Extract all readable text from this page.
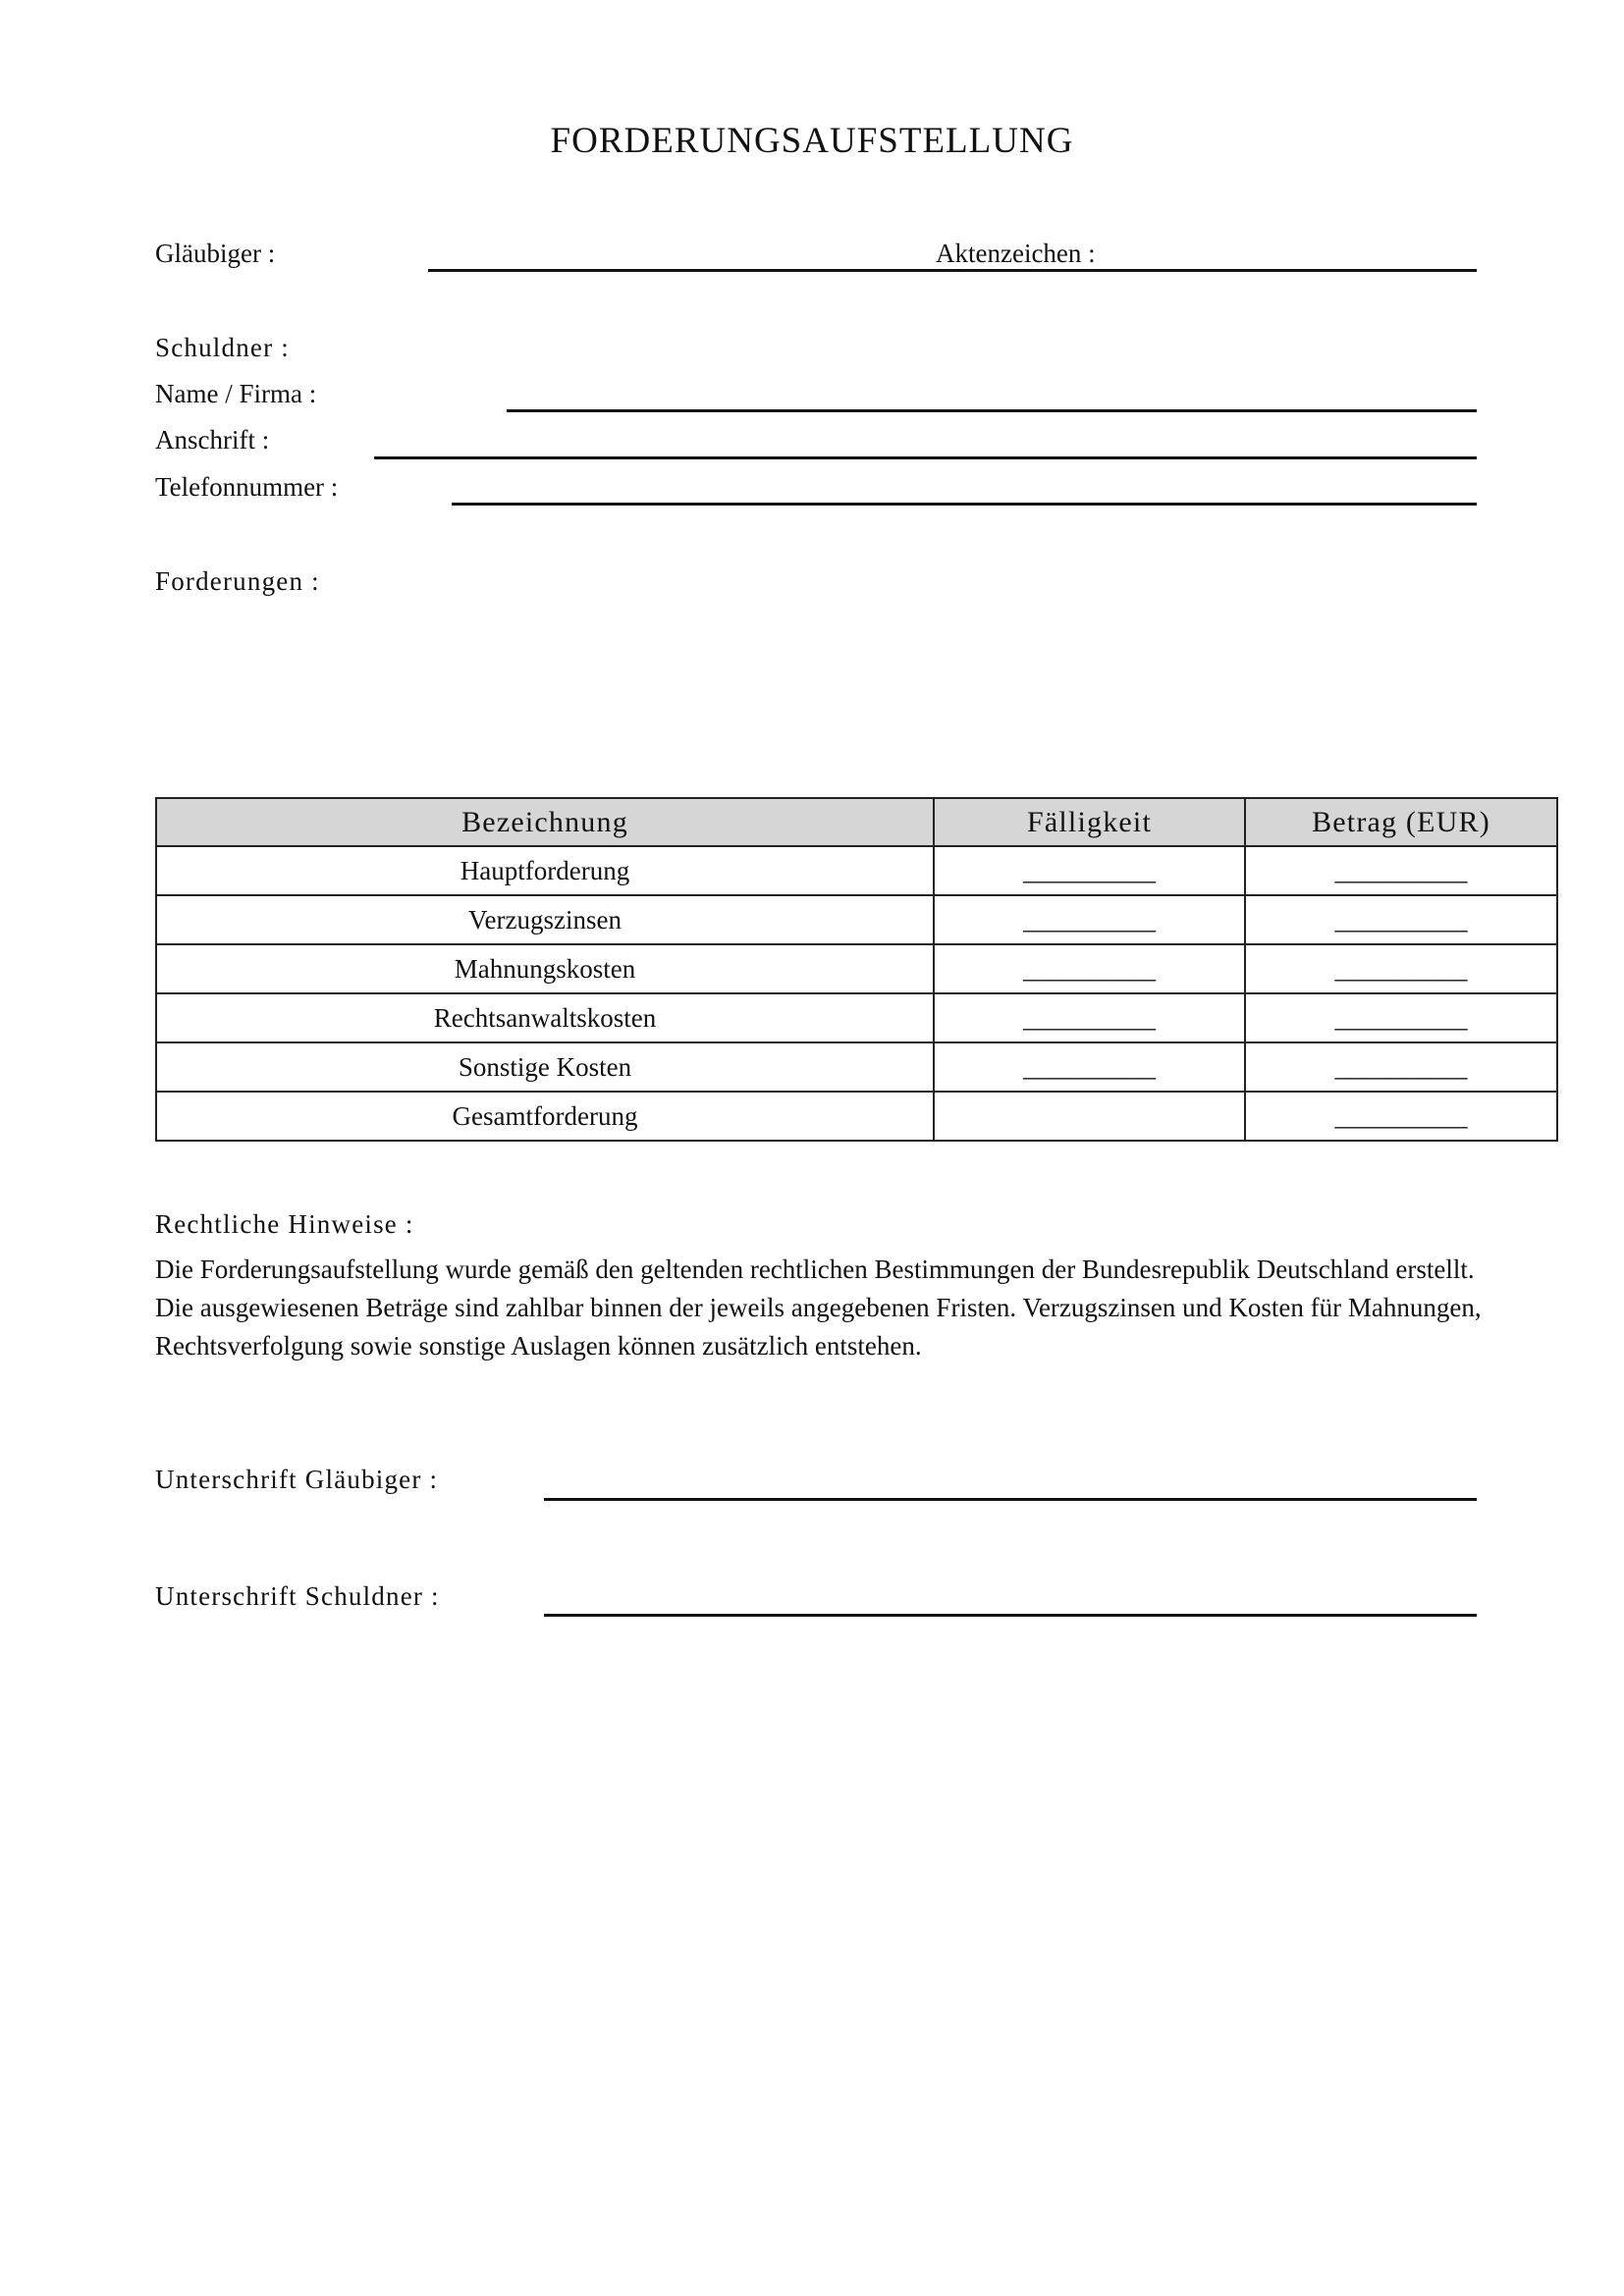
FORDERUNGSAUFSTELLUNG
Gläubiger :	Aktenzeichen :
Schuldner :
Name / Firma :
Anschrift :
Telefonnummer :
Forderungen :
Bezeichnung	Fälligkeit	Betrag (EUR)
Hauptforderung	__________	__________
Verzugszinsen	__________	__________
Mahnungskosten	__________	__________
Rechtsanwaltskosten	__________	__________
Sonstige Kosten	__________	__________
Gesamtforderung		__________
Rechtliche Hinweise :
Die Forderungsaufstellung wurde gemäß den geltenden rechtlichen Bestimmungen der Bundesrepublik Deutschland erstellt. Die ausgewiesenen Beträge sind zahlbar binnen der jeweils angegebenen Fristen. Verzugszinsen und Kosten für Mahnungen, Rechtsverfolgung sowie sonstige Auslagen können zusätzlich entstehen.
Unterschrift Gläubiger :
Unterschrift Schuldner :
